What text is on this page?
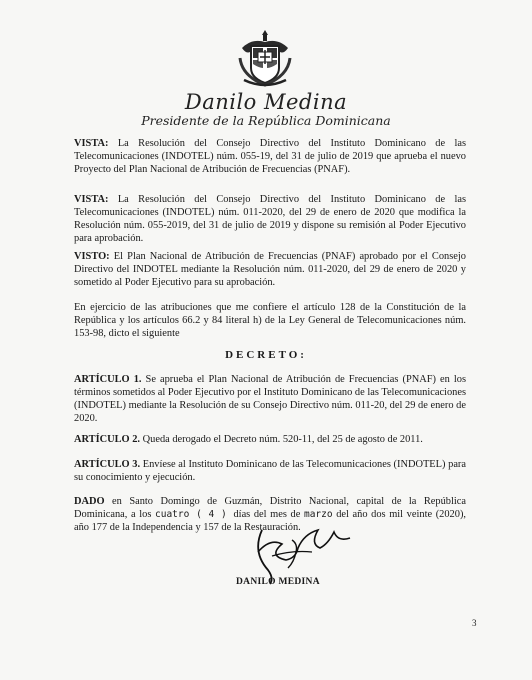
Danilo Medina
Presidente de la República Dominicana
VISTA: La Resolución del Consejo Directivo del Instituto Dominicano de las Telecomunicaciones (INDOTEL) núm. 055-19, del 31 de julio de 2019 que aprueba el nuevo Proyecto del Plan Nacional de Atribución de Frecuencias (PNAF).
VISTA: La Resolución del Consejo Directivo del Instituto Dominicano de las Telecomunicaciones (INDOTEL) núm. 011-2020, del 29 de enero de 2020 que modifica la Resolución núm. 055-2019, del 31 de julio de 2019 y dispone su remisión al Poder Ejecutivo para aprobación.
VISTO: El Plan Nacional de Atribución de Frecuencias (PNAF) aprobado por el Consejo Directivo del INDOTEL mediante la Resolución núm. 011-2020, del 29 de enero de 2020 y sometido al Poder Ejecutivo para su aprobación.
En ejercicio de las atribuciones que me confiere el artículo 128 de la Constitución de la República y los artículos 66.2 y 84 literal h) de la Ley General de Telecomunicaciones núm. 153-98, dicto el siguiente
DECRETO:
ARTÍCULO 1. Se aprueba el Plan Nacional de Atribución de Frecuencias (PNAF) en los términos sometidos al Poder Ejecutivo por el Instituto Dominicano de las Telecomunicaciones (INDOTEL) mediante la Resolución de su Consejo Directivo núm. 011-20, del 29 de enero de 2020.
ARTÍCULO 2. Queda derogado el Decreto núm. 520-11, del 25 de agosto de 2011.
ARTÍCULO 3. Envíese al Instituto Dominicano de las Telecomunicaciones (INDOTEL) para su conocimiento y ejecución.
DADO en Santo Domingo de Guzmán, Distrito Nacional, capital de la República Dominicana, a los cuatro ( 4 ) días del mes de marzo del año dos mil veinte (2020), año 177 de la Independencia y 157 de la Restauración.
DANILO MEDINA
3
